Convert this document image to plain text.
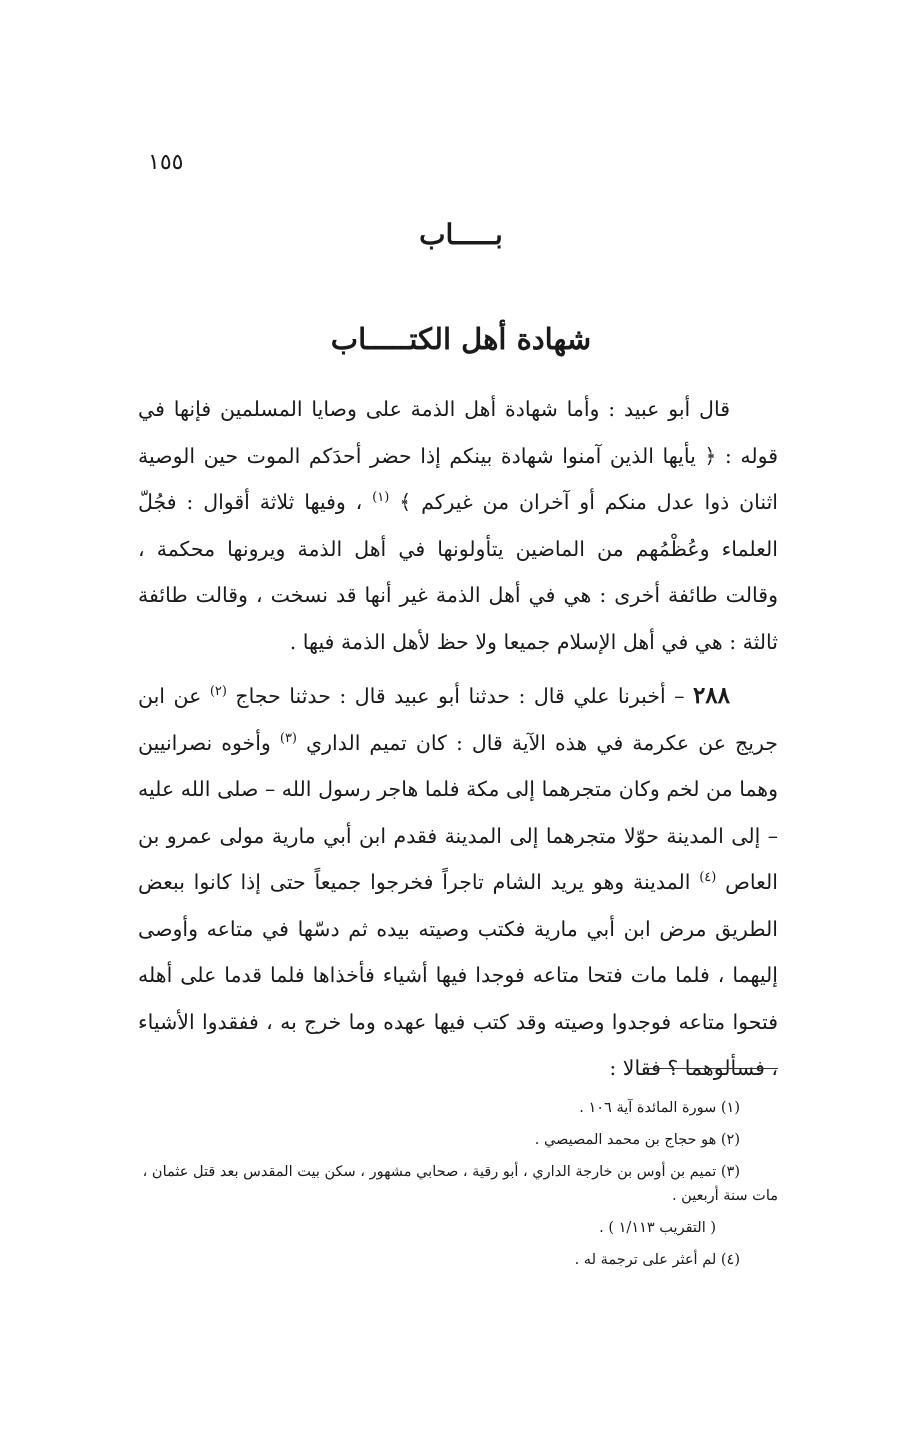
١٥٥
بـــــاب
شهادة أهل الكتـــــاب
قال أبو عبيد : وأما شهادة أهل الذمة على وصايا المسلمين فإنها في قوله : ﴿ يأيها الذين آمنوا شهادة بينكم إذا حضر أحدَكم الموت حين الوصية اثنان ذوا عدل منكم أو آخران من غيركم ﴾ $^{(١)}$ ، وفيها ثلاثة أقوال : فجُلّ العلماء وعُظْمُهم من الماضين يتأولونها في أهل الذمة ويرونها محكمة ، وقالت طائفة أخرى : هي في أهل الذمة غير أنها قد نسخت ، وقالت طائفة ثالثة : هي في أهل الإسلام جميعا ولا حظ لأهل الذمة فيها .
٢٨٨ – أخبرنا علي قال : حدثنا أبو عبيد قال : حدثنا حجاج $^{(٢)}$ عن ابن جريج عن عكرمة في هذه الآية قال : كان تميم الداري $^{(٣)}$ وأخوه نصرانيين وهما من لخم وكان متجرهما إلى مكة فلما هاجر رسول الله – صلى الله عليه – إلى المدينة حوّلا متجرهما إلى المدينة فقدم ابن أبي مارية مولى عمرو بن العاص $^{(٤)}$ المدينة وهو يريد الشام تاجراً فخرجوا جميعاً حتى إذا كانوا ببعض الطريق مرض ابن أبي مارية فكتب وصيته بيده ثم دسّها في متاعه وأوصى إليهما ، فلما مات فتحا متاعه فوجدا فيها أشياء فأخذاها فلما قدما على أهله فتحوا متاعه فوجدوا وصيته وقد كتب فيها عهده وما خرج به ، ففقدوا الأشياء ، فسألوهما ؟ فقالا :

(١) سورة المائدة آية ١٠٦ .

(٢) هو حجاج بن محمد المصيصي .

(٣) تميم بن أوس بن خارجة الداري ، أبو رقية ، صحابي مشهور ، سكن بيت المقدس بعد قتل عثمان ، مات سنة أربعين .

( التقريب ١/١١٣ ) .

(٤) لم أعثر على ترجمة له .
